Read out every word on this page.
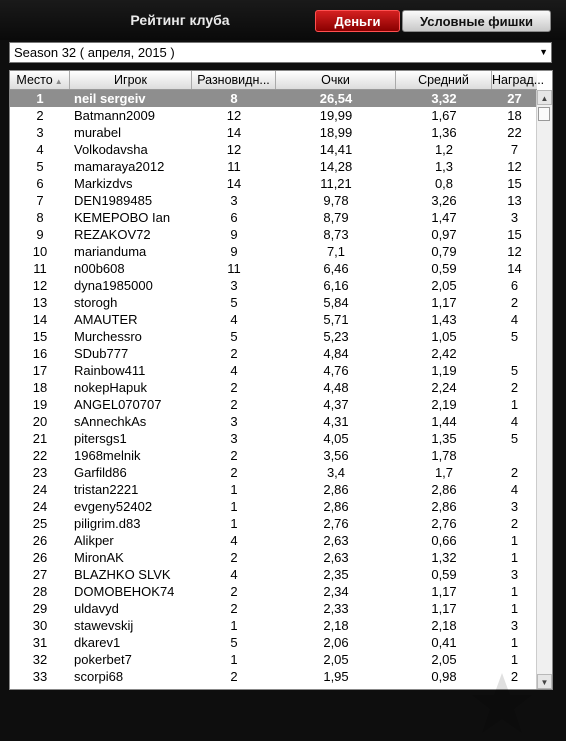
Рейтинг клуба	Деньги	Условные фишки
Season 32 ( апреля, 2015 )	▼
Место ▲	Игрок	Разновидн...	Очки	Средний	Наград...
1	neil sergeiv	8	26,54	3,32	27
2	Batmann2009	12	19,99	1,67	18
3	murabel	14	18,99	1,36	22
4	Volkodavsha	12	14,41	1,2	7
5	mamaraya2012	11	14,28	1,3	12
6	Markizdvs	14	11,21	0,8	15
7	DEN1989485	3	9,78	3,26	13
8	KEMEPOBO Ian	6	8,79	1,47	3
9	REZAKOV72	9	8,73	0,97	15
10	marianduma	9	7,1	0,79	12
11	n00b608	11	6,46	0,59	14
12	dyna1985000	3	6,16	2,05	6
13	storogh	5	5,84	1,17	2
14	AMAUTER	4	5,71	1,43	4
15	Murchessro	5	5,23	1,05	5
16	SDub777	2	4,84	2,42
17	Rainbow411	4	4,76	1,19	5
18	nokepHapuk	2	4,48	2,24	2
19	ANGEL070707	2	4,37	2,19	1
20	sAnnechkAs	3	4,31	1,44	4
21	pitersgs1	3	4,05	1,35	5
22	1968melnik	2	3,56	1,78
23	Garfild86	2	3,4	1,7	2
24	tristan2221	1	2,86	2,86	4
24	evgeny52402	1	2,86	2,86	3
25	piligrim.d83	1	2,76	2,76	2
26	Alikper	4	2,63	0,66	1
26	MironAK	2	2,63	1,32	1
27	BLAZHKO SLVK	4	2,35	0,59	3
28	DOMOBEHOK74	2	2,34	1,17	1
29	uldavyd	2	2,33	1,17	1
30	stawevskij	1	2,18	2,18	3
31	dkarev1	5	2,06	0,41	1
32	pokerbet7	1	2,05	2,05	1
33	scorpi68	2	1,95	0,98	2
▲
▼
